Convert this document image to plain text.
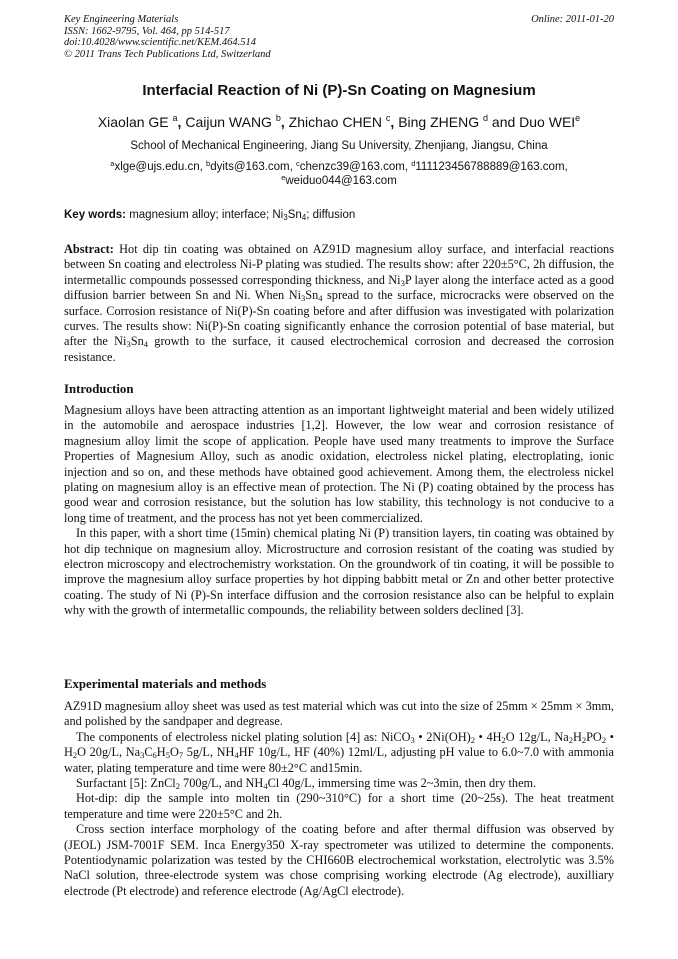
Key Engineering Materials
ISSN: 1662-9795, Vol. 464, pp 514-517
doi:10.4028/www.scientific.net/KEM.464.514
© 2011 Trans Tech Publications Ltd, Switzerland
Online: 2011-01-20
Interfacial Reaction of Ni (P)-Sn Coating on Magnesium
Xiaolan GE $^a$, Caijun WANG $^b$, Zhichao CHEN $^c$, Bing ZHENG $^d$ and Duo WEI$^e$
School of Mechanical Engineering, Jiang Su University, Zhenjiang, Jiangsu, China
$^a$xlge@ujs.edu.cn, $^b$dyits@163.com, $^c$chenzc39@163.com, $^d$111123456788889@163.com,
$^e$weiduo044@163.com
Key words: magnesium alloy; interface; $Ni_3Sn_4$; diffusion

Abstract: Hot dip tin coating was obtained on AZ91D magnesium alloy surface, and interfacial reactions between Sn coating and electroless Ni-P plating was studied. The results show: after 220±5°C, 2h diffusion, the intermetallic compounds possessed corresponding thickness, and $Ni_3P$ layer along the interface acted as a good diffusion barrier between Sn and Ni. When $Ni_3Sn_4$ spread to the surface, microcracks were observed on the surface. Corrosion resistance of Ni(P)-Sn coating before and after diffusion was investigated with polarization curves. The results show: Ni(P)-Sn coating significantly enhance the corrosion potential of base material, but after the $Ni_3Sn_4$ growth to the surface, it caused electrochemical corrosion and decreased the corrosion resistance.

Introduction

Magnesium alloys have been attracting attention as an important lightweight material and been widely utilized in the automobile and aerospace industries [1,2]. However, the low wear and corrosion resistance of magnesium alloy limit the scope of application. People have used many treatments to improve the Surface Properties of Magnesium Alloy, such as anodic oxidation, electroless nickel plating, electroplating, ionic injection and so on, and these methods have obtained good achievement. Among them, the electroless nickel plating on magnesium alloy is an effective mean of protection. The Ni (P) coating obtained by the process has good wear and corrosion resistance, but the solution has low stability, this technology is not conducive to a long time of treatment, and the process has not yet been commercialized.

In this paper, with a short time (15min) chemical plating Ni (P) transition layers, tin coating was obtained by hot dip technique on magnesium alloy. Microstructure and corrosion resistant of the coating was studied by electron microscopy and electrochemistry workstation. On the groundwork of tin coating, it will be possible to improve the magnesium alloy surface properties by hot dipping babbitt metal or Zn and other better protective coating. The study of Ni (P)-Sn interface diffusion and the corrosion resistance also can be helpful to explain why with the growth of intermetallic compounds, the reliability between solders declined [3].

Experimental materials and methods

AZ91D magnesium alloy sheet was used as test material which was cut into the size of 25mm × 25mm × 3mm, and polished by the sandpaper and degrease.

The components of electroless nickel plating solution [4] as: NiCO$_3$ • $2Ni(OH)_2$ • $4H_2O$ 12g/L, $Na_2H_2PO_2$ • $H_2O$ 20g/L, $Na_3C_6H_5O_7$ 5g/L, $NH_4HF$ 10g/L, HF (40%) 12ml/L, adjusting pH value to 6.0~7.0 with ammonia water, plating temperature and time were 80±2°C and15min.

Surfactant [5]: ZnCl$_2$ 700g/L, and $NH_4Cl$ 40g/L, immersing time was 2~3min, then dry them.

Hot-dip: dip the sample into molten tin (290~310°C) for a short time (20~25s). The heat treatment temperature and time were 220±5°C and 2h.

Cross section interface morphology of the coating before and after thermal diffusion was observed by (JEOL) JSM-7001F SEM. Inca Energy350 X-ray spectrometer was utilized to determine the components. Potentiodynamic polarization was tested by the CHI660B electrochemical workstation, electrolytic was 3.5% NaCl solution, three-electrode system was chose comprising working electrode (Ag electrode), auxilliary electrode (Pt electrode) and reference electrode (Ag/AgCl electrode).
